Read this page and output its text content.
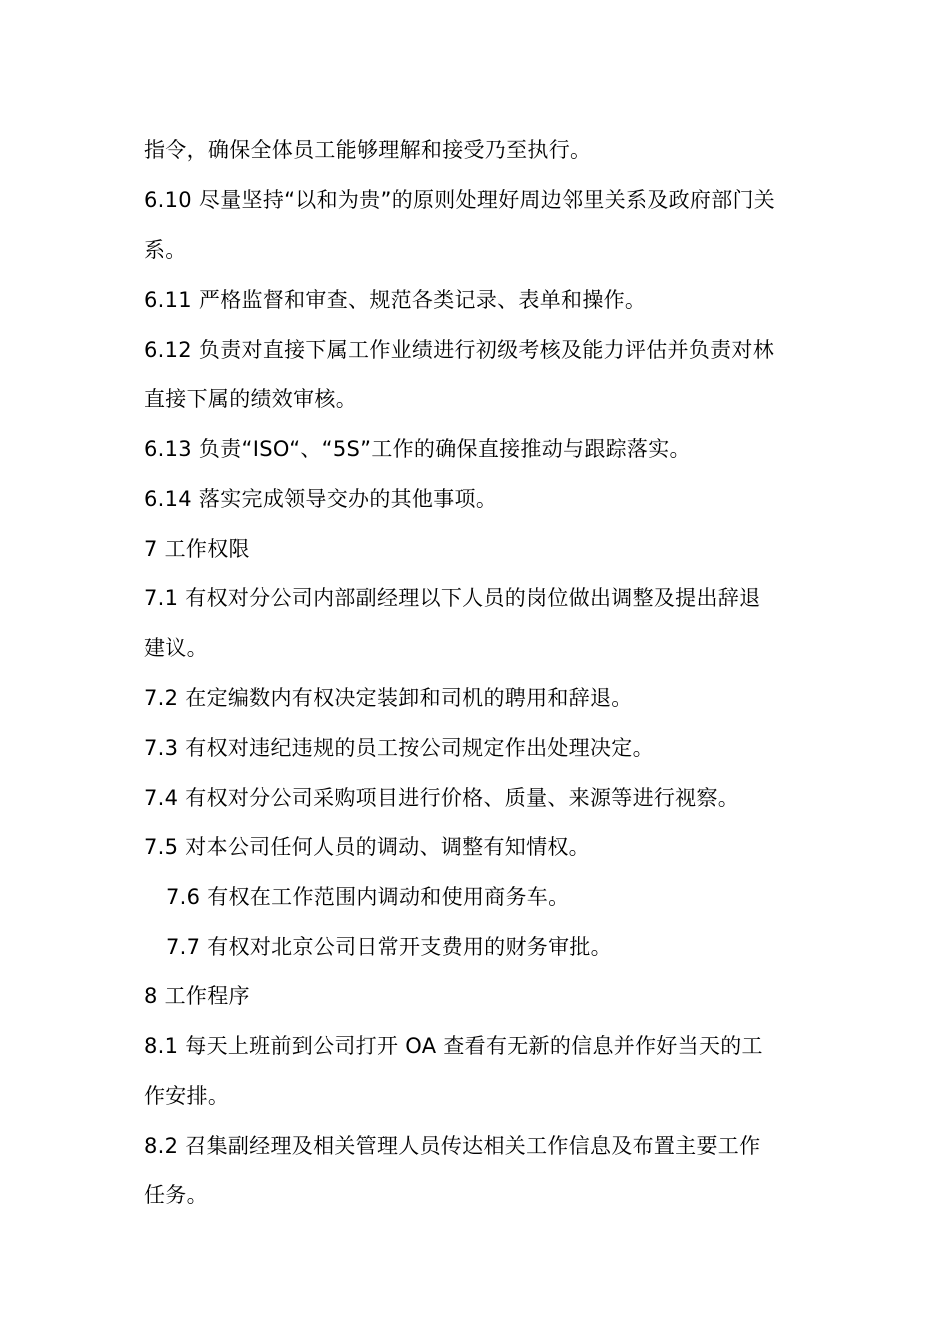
指令，确保全体员工能够理解和接受乃至执行。
6.10 尽量坚持“以和为贵”的原则处理好周边邻里关系及政府部门关
系。
6.11 严格监督和审查、规范各类记录、表单和操作。
6.12 负责对直接下属工作业绩进行初级考核及能力评估并负责对林
直接下属的绩效审核。
6.13 负责“ISO“、“5S”工作的确保直接推动与跟踪落实。
6.14 落实完成领导交办的其他事项。
7 工作权限
7.1 有权对分公司内部副经理以下人员的岗位做出调整及提出辞退
建议。
7.2 在定编数内有权决定装卸和司机的聘用和辞退。
7.3 有权对违纪违规的员工按公司规定作出处理决定。
7.4 有权对分公司采购项目进行价格、质量、来源等进行视察。
7.5 对本公司任何人员的调动、调整有知情权。
7.6 有权在工作范围内调动和使用商务车。
7.7 有权对北京公司日常开支费用的财务审批。
8 工作程序
8.1 每天上班前到公司打开 OA 查看有无新的信息并作好当天的工
作安排。
8.2 召集副经理及相关管理人员传达相关工作信息及布置主要工作
任务。
